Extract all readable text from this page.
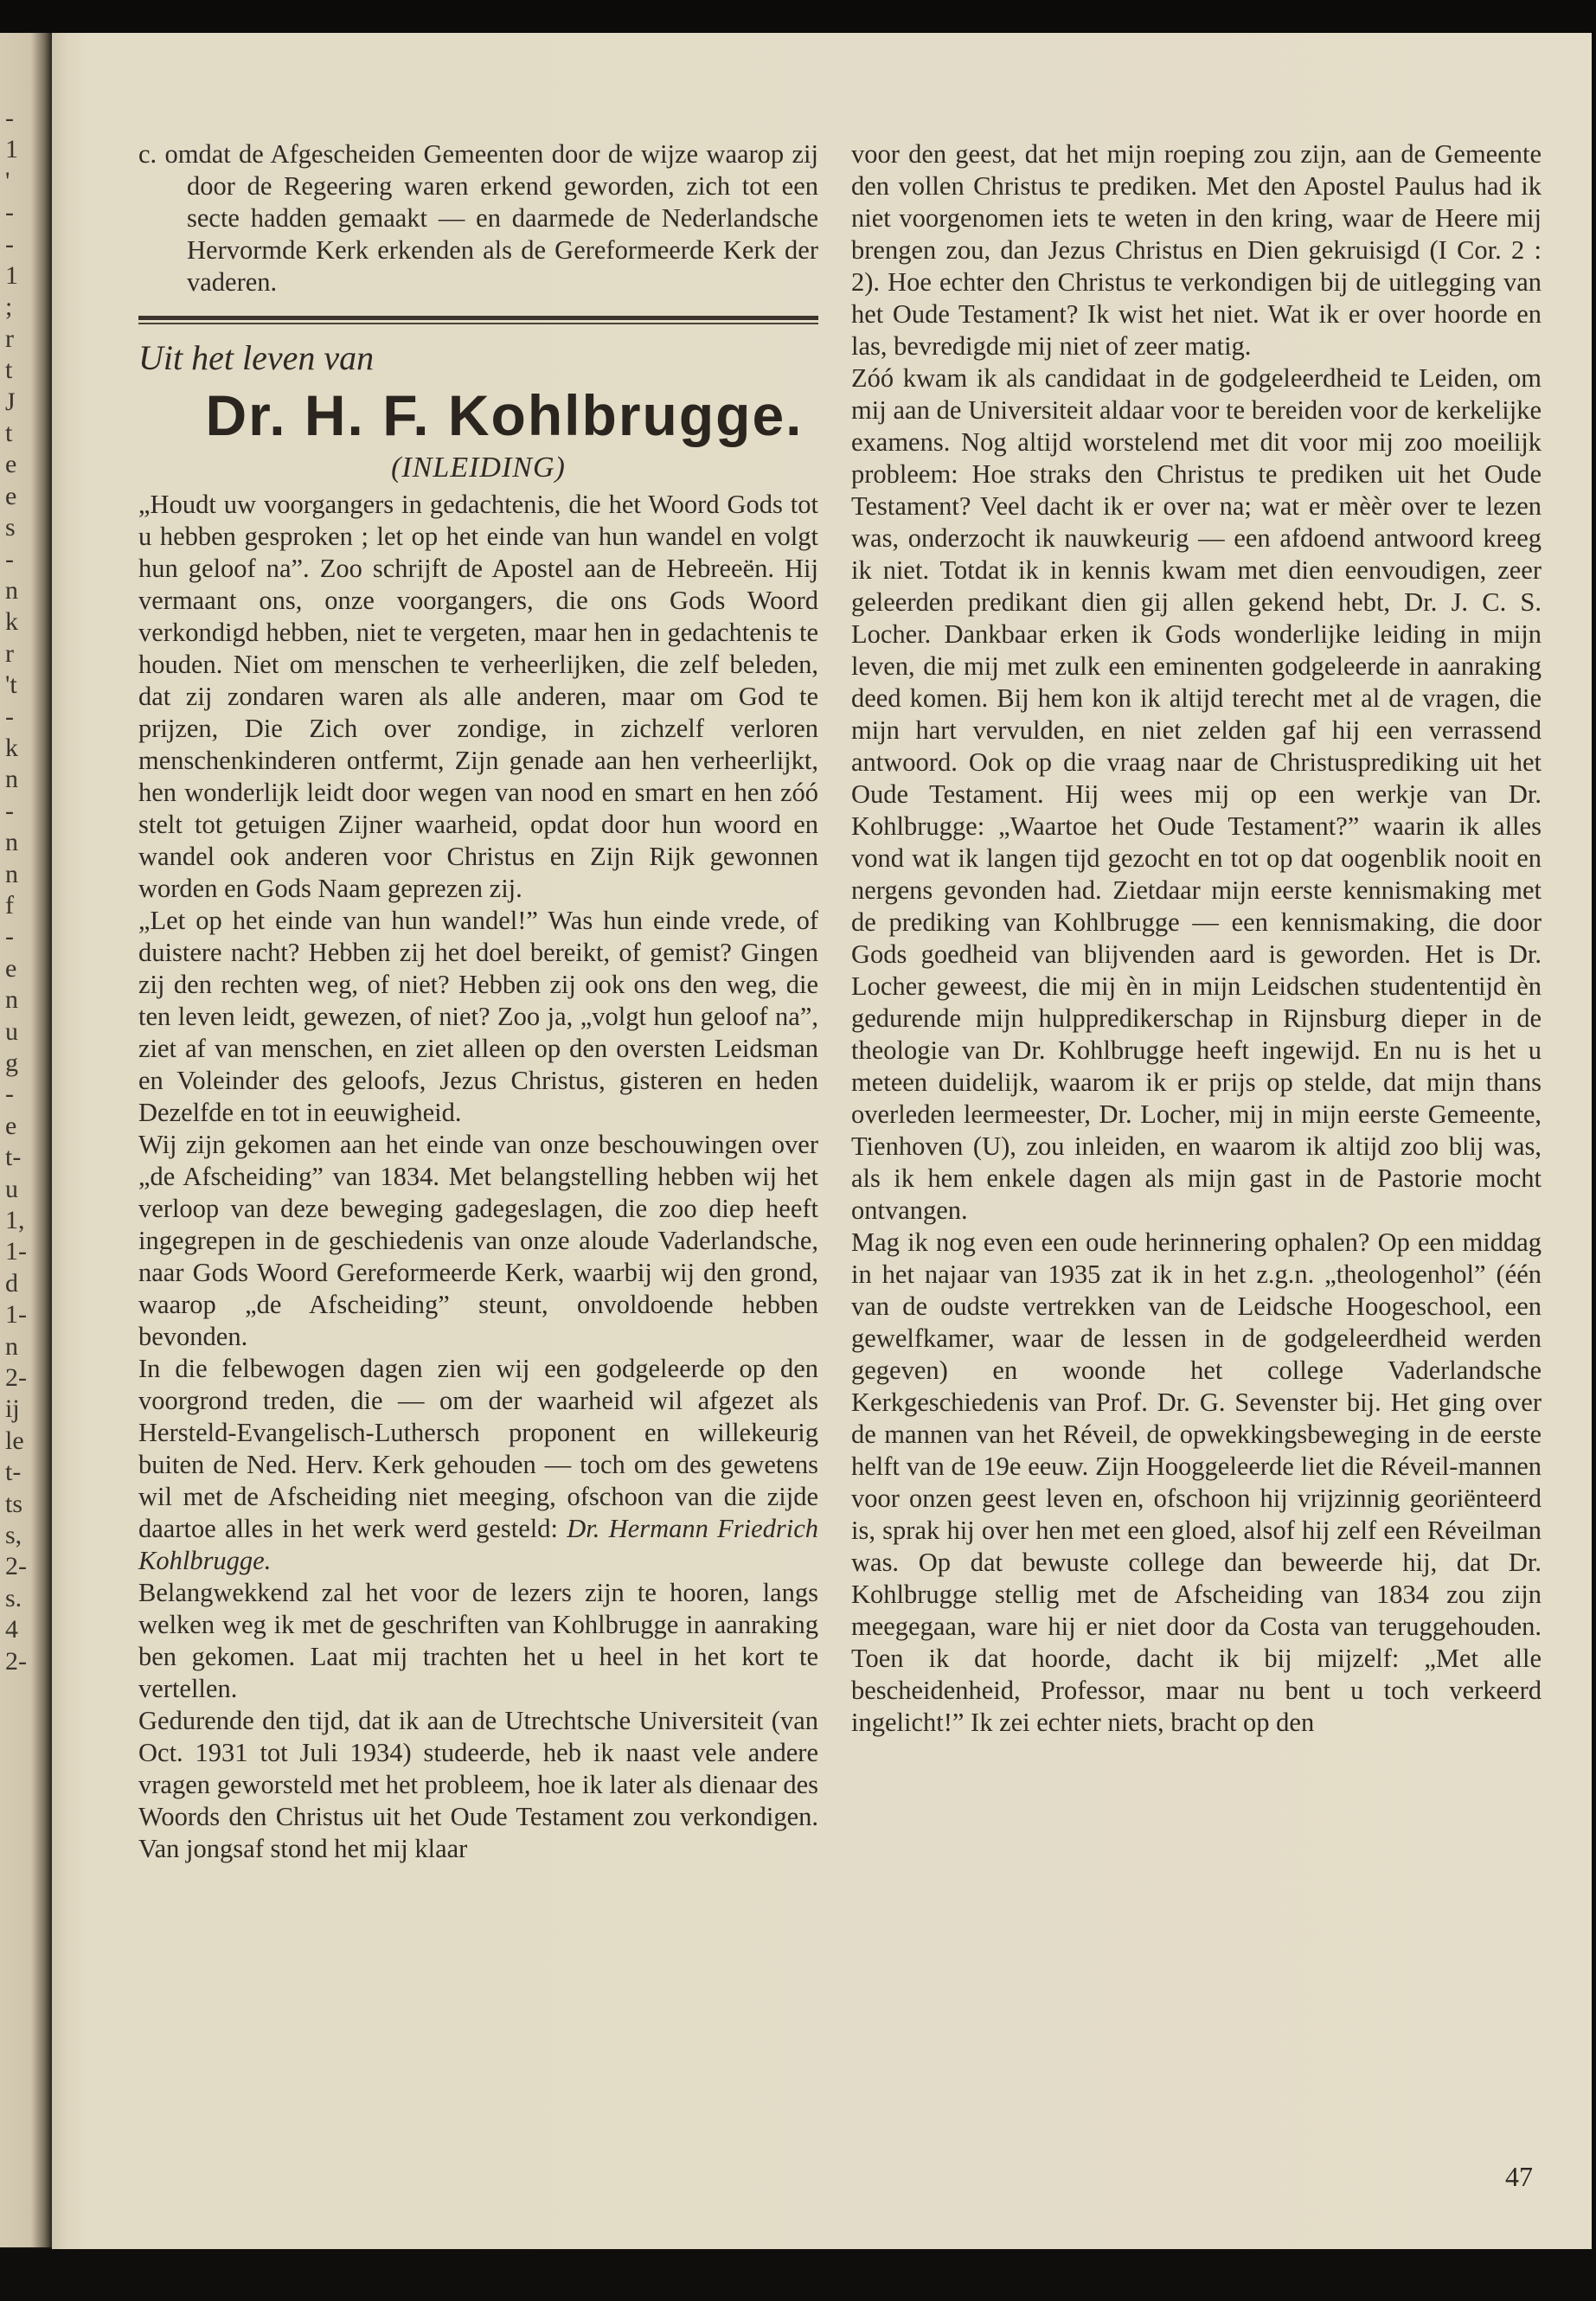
-
1
'
-
-
1
;
r
t
J
t
e
e
s
-
n
k
r
't
-
k
n
-
n
n
f
-
e
n
u
g
-
e
t-
u
1,
1-
d
1-
n
2-
ij
le
t-
ts
s,
2-
s.
4
2-

c. omdat de Afgescheiden Gemeenten door de wijze waarop zij door de Regeering waren erkend geworden, zich tot een secte hadden gemaakt — en daarmede de Nederlandsche Hervormde Kerk erkenden als de Gereformeerde Kerk der vaderen.

Uit het leven van
Dr. H. F. Kohlbrugge.
(INLEIDING)

„Houdt uw voorgangers in gedachtenis, die het Woord Gods tot u hebben gesproken ; let op het einde van hun wandel en volgt hun geloof na”. Zoo schrijft de Apostel aan de Hebreeën. Hij vermaant ons, onze voorgangers, die ons Gods Woord verkondigd hebben, niet te vergeten, maar hen in gedachtenis te houden. Niet om menschen te verheerlijken, die zelf beleden, dat zij zondaren waren als alle anderen, maar om God te prijzen, Die Zich over zondige, in zichzelf verloren menschenkinderen ontfermt, Zijn genade aan hen verheerlijkt, hen wonderlijk leidt door wegen van nood en smart en hen zóó stelt tot getuigen Zijner waarheid, opdat door hun woord en wandel ook anderen voor Christus en Zijn Rijk gewonnen worden en Gods Naam geprezen zij.

„Let op het einde van hun wandel!” Was hun einde vrede, of duistere nacht? Hebben zij het doel bereikt, of gemist? Gingen zij den rechten weg, of niet? Hebben zij ook ons den weg, die ten leven leidt, gewezen, of niet? Zoo ja, „volgt hun geloof na”, ziet af van menschen, en ziet alleen op den oversten Leidsman en Voleinder des geloofs, Jezus Christus, gisteren en heden Dezelfde en tot in eeuwigheid.

Wij zijn gekomen aan het einde van onze beschouwingen over „de Afscheiding” van 1834. Met belangstelling hebben wij het verloop van deze beweging gadegeslagen, die zoo diep heeft ingegrepen in de geschiedenis van onze aloude Vaderlandsche, naar Gods Woord Gereformeerde Kerk, waarbij wij den grond, waarop „de Afscheiding” steunt, onvoldoende hebben bevonden.

In die felbewogen dagen zien wij een godgeleerde op den voorgrond treden, die — om der waarheid wil afgezet als Hersteld-Evangelisch-Luthersch proponent en willekeurig buiten de Ned. Herv. Kerk gehouden — toch om des gewetens wil met de Afscheiding niet meeging, ofschoon van die zijde daartoe alles in het werk werd gesteld: Dr. Hermann Friedrich Kohlbrugge.

Belangwekkend zal het voor de lezers zijn te hooren, langs welken weg ik met de geschriften van Kohlbrugge in aanraking ben gekomen. Laat mij trachten het u heel in het kort te vertellen.

Gedurende den tijd, dat ik aan de Utrechtsche Universiteit (van Oct. 1931 tot Juli 1934) studeerde, heb ik naast vele andere vragen geworsteld met het probleem, hoe ik later als dienaar des Woords den Christus uit het Oude Testament zou verkondigen. Van jongsaf stond het mij klaar

voor den geest, dat het mijn roeping zou zijn, aan de Gemeente den vollen Christus te prediken. Met den Apostel Paulus had ik niet voorgenomen iets te weten in den kring, waar de Heere mij brengen zou, dan Jezus Christus en Dien gekruisigd (I Cor. 2 : 2). Hoe echter den Christus te verkondigen bij de uitlegging van het Oude Testament? Ik wist het niet. Wat ik er over hoorde en las, bevredigde mij niet of zeer matig.

Zóó kwam ik als candidaat in de godgeleerdheid te Leiden, om mij aan de Universiteit aldaar voor te bereiden voor de kerkelijke examens. Nog altijd worstelend met dit voor mij zoo moeilijk probleem: Hoe straks den Christus te prediken uit het Oude Testament? Veel dacht ik er over na; wat er mèèr over te lezen was, onderzocht ik nauwkeurig — een afdoend antwoord kreeg ik niet. Totdat ik in kennis kwam met dien eenvoudigen, zeer geleerden predikant dien gij allen gekend hebt, Dr. J. C. S. Locher. Dankbaar erken ik Gods wonderlijke leiding in mijn leven, die mij met zulk een eminenten godgeleerde in aanraking deed komen. Bij hem kon ik altijd terecht met al de vragen, die mijn hart vervulden, en niet zelden gaf hij een verrassend antwoord. Ook op die vraag naar de Christusprediking uit het Oude Testament. Hij wees mij op een werkje van Dr. Kohlbrugge: „Waartoe het Oude Testament?” waarin ik alles vond wat ik langen tijd gezocht en tot op dat oogenblik nooit en nergens gevonden had. Zietdaar mijn eerste kennismaking met de prediking van Kohlbrugge — een kennismaking, die door Gods goedheid van blijvenden aard is geworden. Het is Dr. Locher geweest, die mij èn in mijn Leidschen studententijd èn gedurende mijn hulppredikerschap in Rijnsburg dieper in de theologie van Dr. Kohlbrugge heeft ingewijd. En nu is het u meteen duidelijk, waarom ik er prijs op stelde, dat mijn thans overleden leermeester, Dr. Locher, mij in mijn eerste Gemeente, Tienhoven (U), zou inleiden, en waarom ik altijd zoo blij was, als ik hem enkele dagen als mijn gast in de Pastorie mocht ontvangen.

Mag ik nog even een oude herinnering ophalen? Op een middag in het najaar van 1935 zat ik in het z.g.n. „theologenhol” (één van de oudste vertrekken van de Leidsche Hoogeschool, een gewelfkamer, waar de lessen in de godgeleerdheid werden gegeven) en woonde het college Vaderlandsche Kerkgeschiedenis van Prof. Dr. G. Sevenster bij. Het ging over de mannen van het Réveil, de opwekkingsbeweging in de eerste helft van de 19e eeuw. Zijn Hooggeleerde liet die Réveil-mannen voor onzen geest leven en, ofschoon hij vrijzinnig georiënteerd is, sprak hij over hen met een gloed, alsof hij zelf een Réveilman was. Op dat bewuste college dan beweerde hij, dat Dr. Kohlbrugge stellig met de Afscheiding van 1834 zou zijn meegegaan, ware hij er niet door da Costa van teruggehouden. Toen ik dat hoorde, dacht ik bij mijzelf: „Met alle bescheidenheid, Professor, maar nu bent u toch verkeerd ingelicht!” Ik zei echter niets, bracht op den

47
